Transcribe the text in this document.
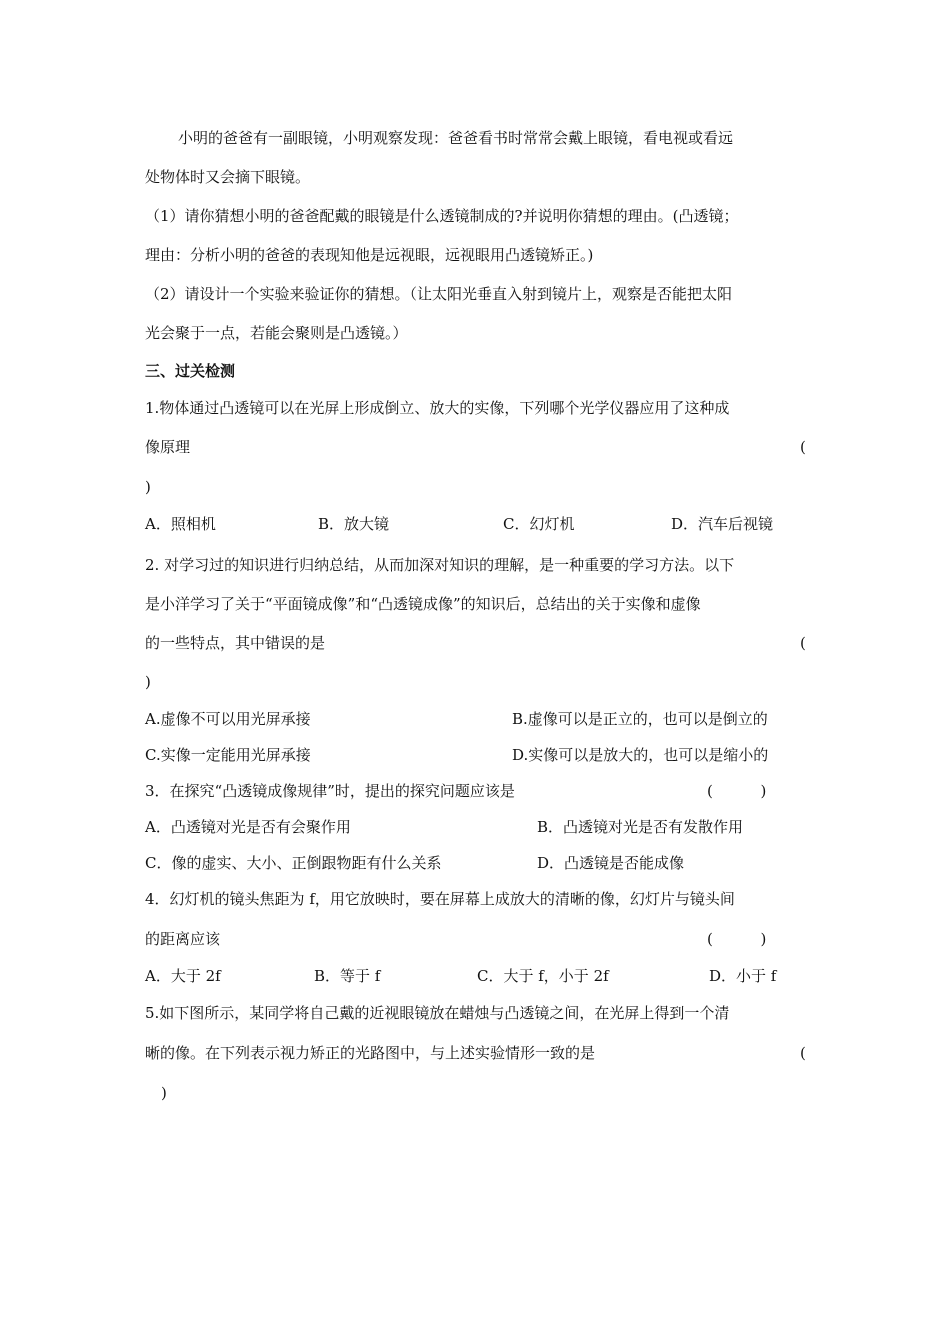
小明的爸爸有一副眼镜，小明观察发现：爸爸看书时常常会戴上眼镜，看电视或看远
处物体时又会摘下眼镜。
（1）请你猜想小明的爸爸配戴的眼镜是什么透镜制成的?并说明你猜想的理由。(凸透镜；
理由：分析小明的爸爸的表现知他是远视眼，远视眼用凸透镜矫正。)
（2）请设计一个实验来验证你的猜想。（让太阳光垂直入射到镜片上，观察是否能把太阳
光会聚于一点，若能会聚则是凸透镜。）
三、过关检测
1.物体通过凸透镜可以在光屏上形成倒立、放大的实像，下列哪个光学仪器应用了这种成
像原理	(
)
A．照相机	B．放大镜	C．幻灯机	D．汽车后视镜
2. 对学习过的知识进行归纳总结，从而加深对知识的理解，是一种重要的学习方法。以下
是小洋学习了关于“平面镜成像”和“凸透镜成像”的知识后，总结出的关于实像和虚像
的一些特点，其中错误的是	(
)
A.虚像不可以用光屏承接	B.虚像可以是正立的，也可以是倒立的
C.实像一定能用光屏承接	D.实像可以是放大的，也可以是缩小的
3．在探究“凸透镜成像规律”时，提出的探究问题应该是	(          )
A．凸透镜对光是否有会聚作用	B．凸透镜对光是否有发散作用
C．像的虚实、大小、正倒跟物距有什么关系	D．凸透镜是否能成像
4．幻灯机的镜头焦距为 f，用它放映时，要在屏幕上成放大的清晰的像，幻灯片与镜头间
的距离应该	(          )
A．大于 2f	B．等于 f	C．大于 f，小于 2f	D．小于 f
5.如下图所示，某同学将自己戴的近视眼镜放在蜡烛与凸透镜之间，在光屏上得到一个清
晰的像。在下列表示视力矫正的光路图中，与上述实验情形一致的是	(
)
